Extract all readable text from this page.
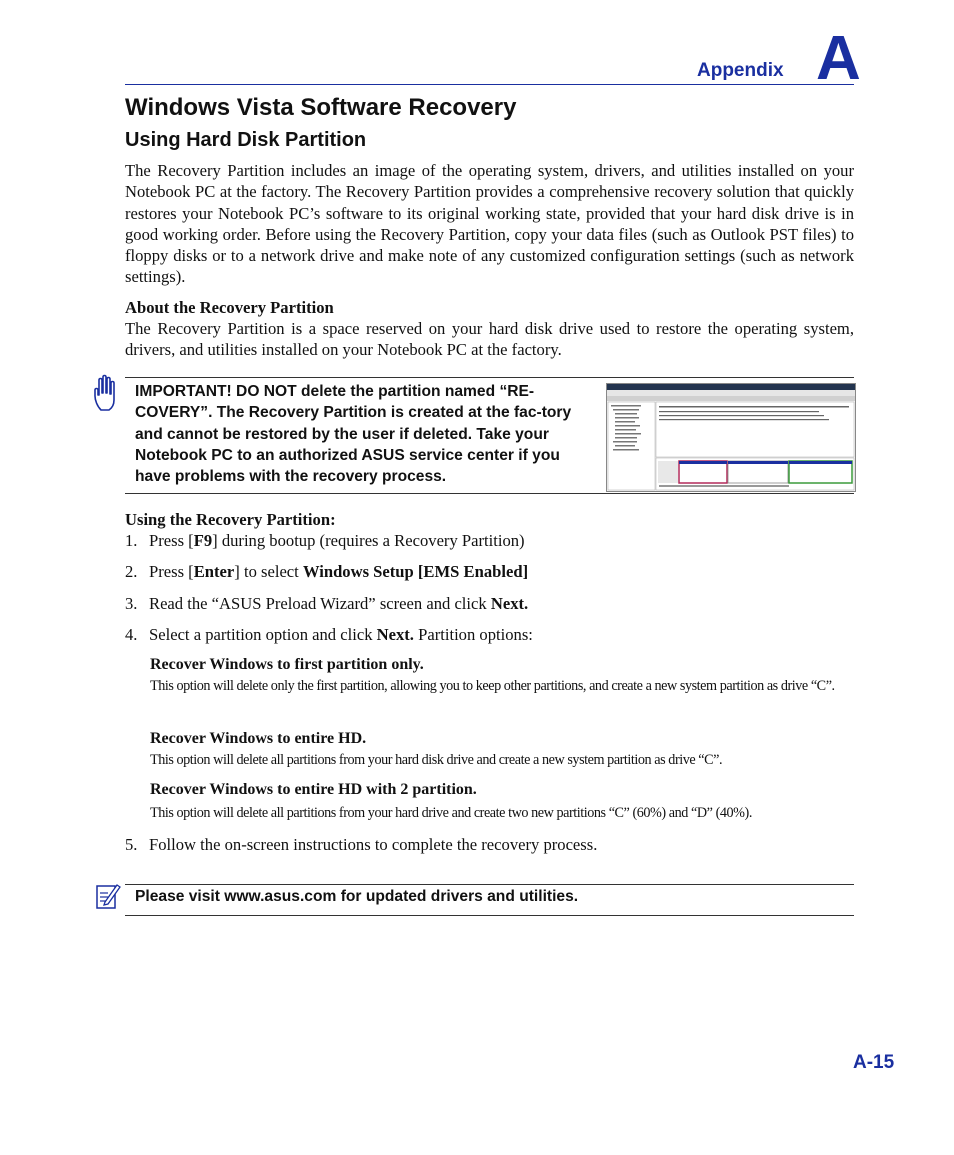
Appendix A
Windows Vista Software Recovery
Using Hard Disk Partition

The Recovery Partition includes an image of the operating system, drivers, and utilities installed on your Notebook PC at the factory. The Recovery Partition provides a comprehensive recovery solution that quickly restores your Notebook PC’s software to its original working state, provided that your hard disk drive is in good working order. Before using the Recovery Partition, copy your data files (such as Outlook PST files) to floppy disks or to a network drive and make note of any customized configuration settings (such as network settings).

About the Recovery Partition

The Recovery Partition is a space reserved on your hard disk drive used to restore the operating system, drivers, and utilities installed on your Notebook PC at the factory.

IMPORTANT! DO NOT delete the partition named “RE-COVERY”. The Recovery Partition is created at the fac-tory and cannot be restored by the user if deleted. Take your Notebook PC to an authorized ASUS service center if you have problems with the recovery process.

Using the Recovery Partition:

1. Press [F9] during bootup (requires a Recovery Partition)

2. Press [Enter] to select Windows Setup [EMS Enabled]

3. Read the “ASUS Preload Wizard” screen and click Next.

4. Select a partition option and click Next. Partition options:

Recover Windows to first partition only.

This option will delete only the first partition, allowing you to keep other partitions, and create a new system partition as drive “C”.

Recover Windows to entire HD.

This option will delete all partitions from your hard disk drive and create a new system partition as drive “C”.

Recover Windows to entire HD with 2 partition.

This option will delete all partitions from your hard drive and create two new partitions “C” (60%) and “D” (40%).

5. Follow the on-screen instructions to complete the recovery process.

Please visit www.asus.com for updated drivers and utilities.

A-15
